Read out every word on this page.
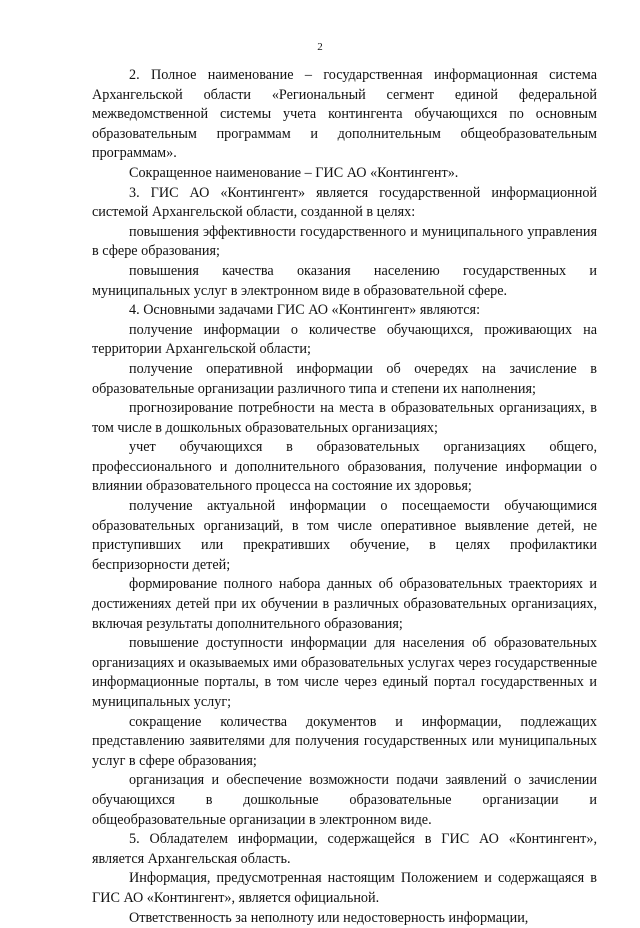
2

2. Полное наименование – государственная информационная система Архангельской области «Региональный сегмент единой федеральной межведомственной системы учета контингента обучающихся по основным образовательным программам и дополнительным общеобразовательным программам».

Сокращенное наименование – ГИС АО «Контингент».

3. ГИС АО «Контингент» является государственной информационной системой Архангельской области, созданной в целях:

повышения эффективности государственного и муниципального управления в сфере образования;

повышения качества оказания населению государственных и муниципальных услуг в электронном виде в образовательной сфере.

4. Основными задачами ГИС АО «Контингент» являются:

получение информации о количестве обучающихся, проживающих на территории Архангельской области;

получение оперативной информации об очередях на зачисление в образовательные организации различного типа и степени их наполнения;

прогнозирование потребности на места в образовательных организациях, в том числе в дошкольных образовательных организациях;

учет обучающихся в образовательных организациях общего, профессионального и дополнительного образования, получение информации о влиянии образовательного процесса на состояние их здоровья;

получение актуальной информации о посещаемости обучающимися образовательных организаций, в том числе оперативное выявление детей, не приступивших или прекративших обучение, в целях профилактики беспризорности детей;

формирование полного набора данных об образовательных траекториях и достижениях детей при их обучении в различных образовательных организациях, включая результаты дополнительного образования;

повышение доступности информации для населения об образовательных организациях и оказываемых ими образовательных услугах через государственные информационные порталы, в том числе через единый портал государственных и муниципальных услуг;

сокращение количества документов и информации, подлежащих представлению заявителями для получения государственных или муниципальных услуг в сфере образования;

организация и обеспечение возможности подачи заявлений о зачислении обучающихся в дошкольные образовательные организации и общеобразовательные организации в электронном виде.

5. Обладателем информации, содержащейся в ГИС АО «Контингент», является Архангельская область.

Информация, предусмотренная настоящим Положением и содержащаяся в ГИС АО «Контингент», является официальной.

Ответственность за неполноту или недостоверность информации,
